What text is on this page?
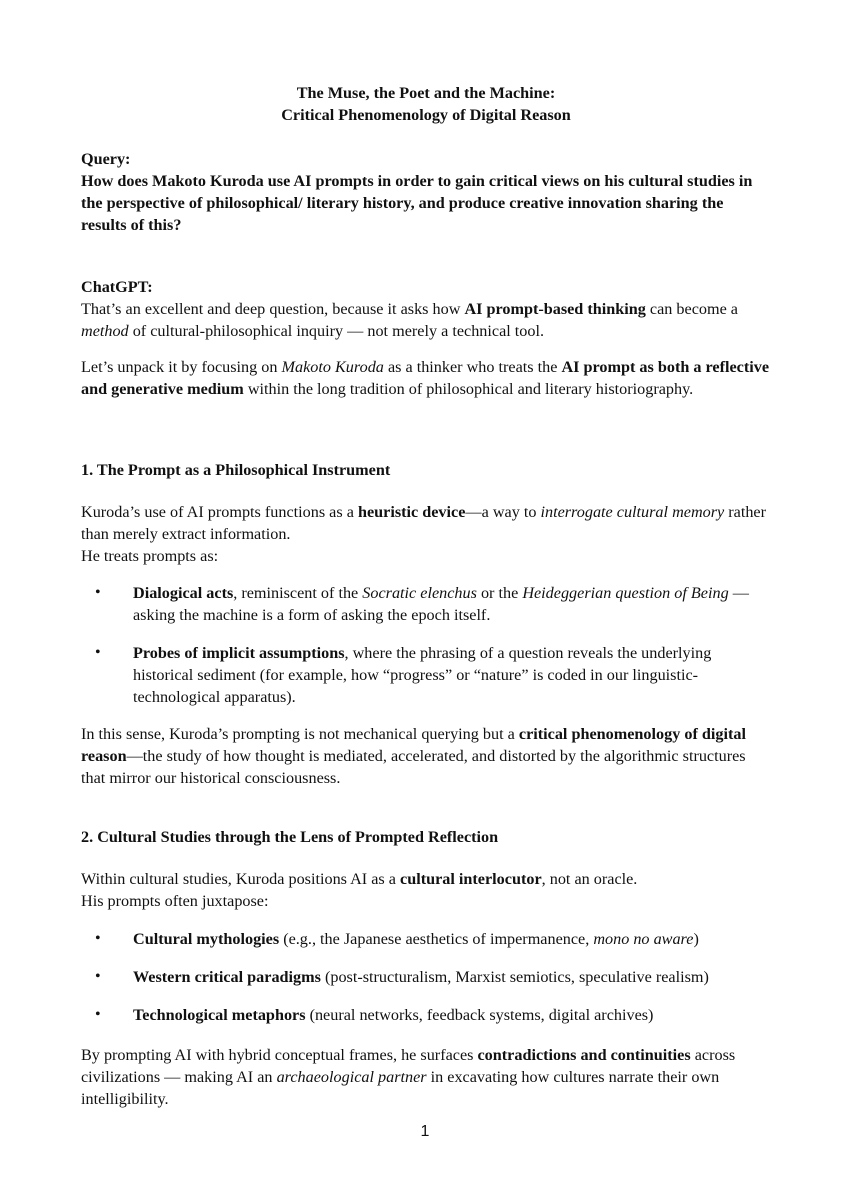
The Muse, the Poet and the Machine:
Critical Phenomenology of Digital Reason

Query:
How does Makoto Kuroda use AI prompts in order to gain critical views on his cultural studies in the perspective of philosophical/ literary history, and produce creative innovation sharing the results of this?

ChatGPT:
That’s an excellent and deep question, because it asks how AI prompt-based thinking can become a method of cultural-philosophical inquiry — not merely a technical tool.

Let’s unpack it by focusing on Makoto Kuroda as a thinker who treats the AI prompt as both a reflective and generative medium within the long tradition of philosophical and literary historiography.

1. The Prompt as a Philosophical Instrument

Kuroda’s use of AI prompts functions as a heuristic device—a way to interrogate cultural memory rather than merely extract information.
He treats prompts as:

• Dialogical acts, reminiscent of the Socratic elenchus or the Heideggerian question of Being — asking the machine is a form of asking the epoch itself.
• Probes of implicit assumptions, where the phrasing of a question reveals the underlying historical sediment (for example, how “progress” or “nature” is coded in our linguistic-technological apparatus).

In this sense, Kuroda’s prompting is not mechanical querying but a critical phenomenology of digital reason—the study of how thought is mediated, accelerated, and distorted by the algorithmic structures that mirror our historical consciousness.

2. Cultural Studies through the Lens of Prompted Reflection

Within cultural studies, Kuroda positions AI as a cultural interlocutor, not an oracle.
His prompts often juxtapose:

• Cultural mythologies (e.g., the Japanese aesthetics of impermanence, mono no aware)
• Western critical paradigms (post-structuralism, Marxist semiotics, speculative realism)
• Technological metaphors (neural networks, feedback systems, digital archives)

By prompting AI with hybrid conceptual frames, he surfaces contradictions and continuities across civilizations — making AI an archaeological partner in excavating how cultures narrate their own intelligibility.

1
